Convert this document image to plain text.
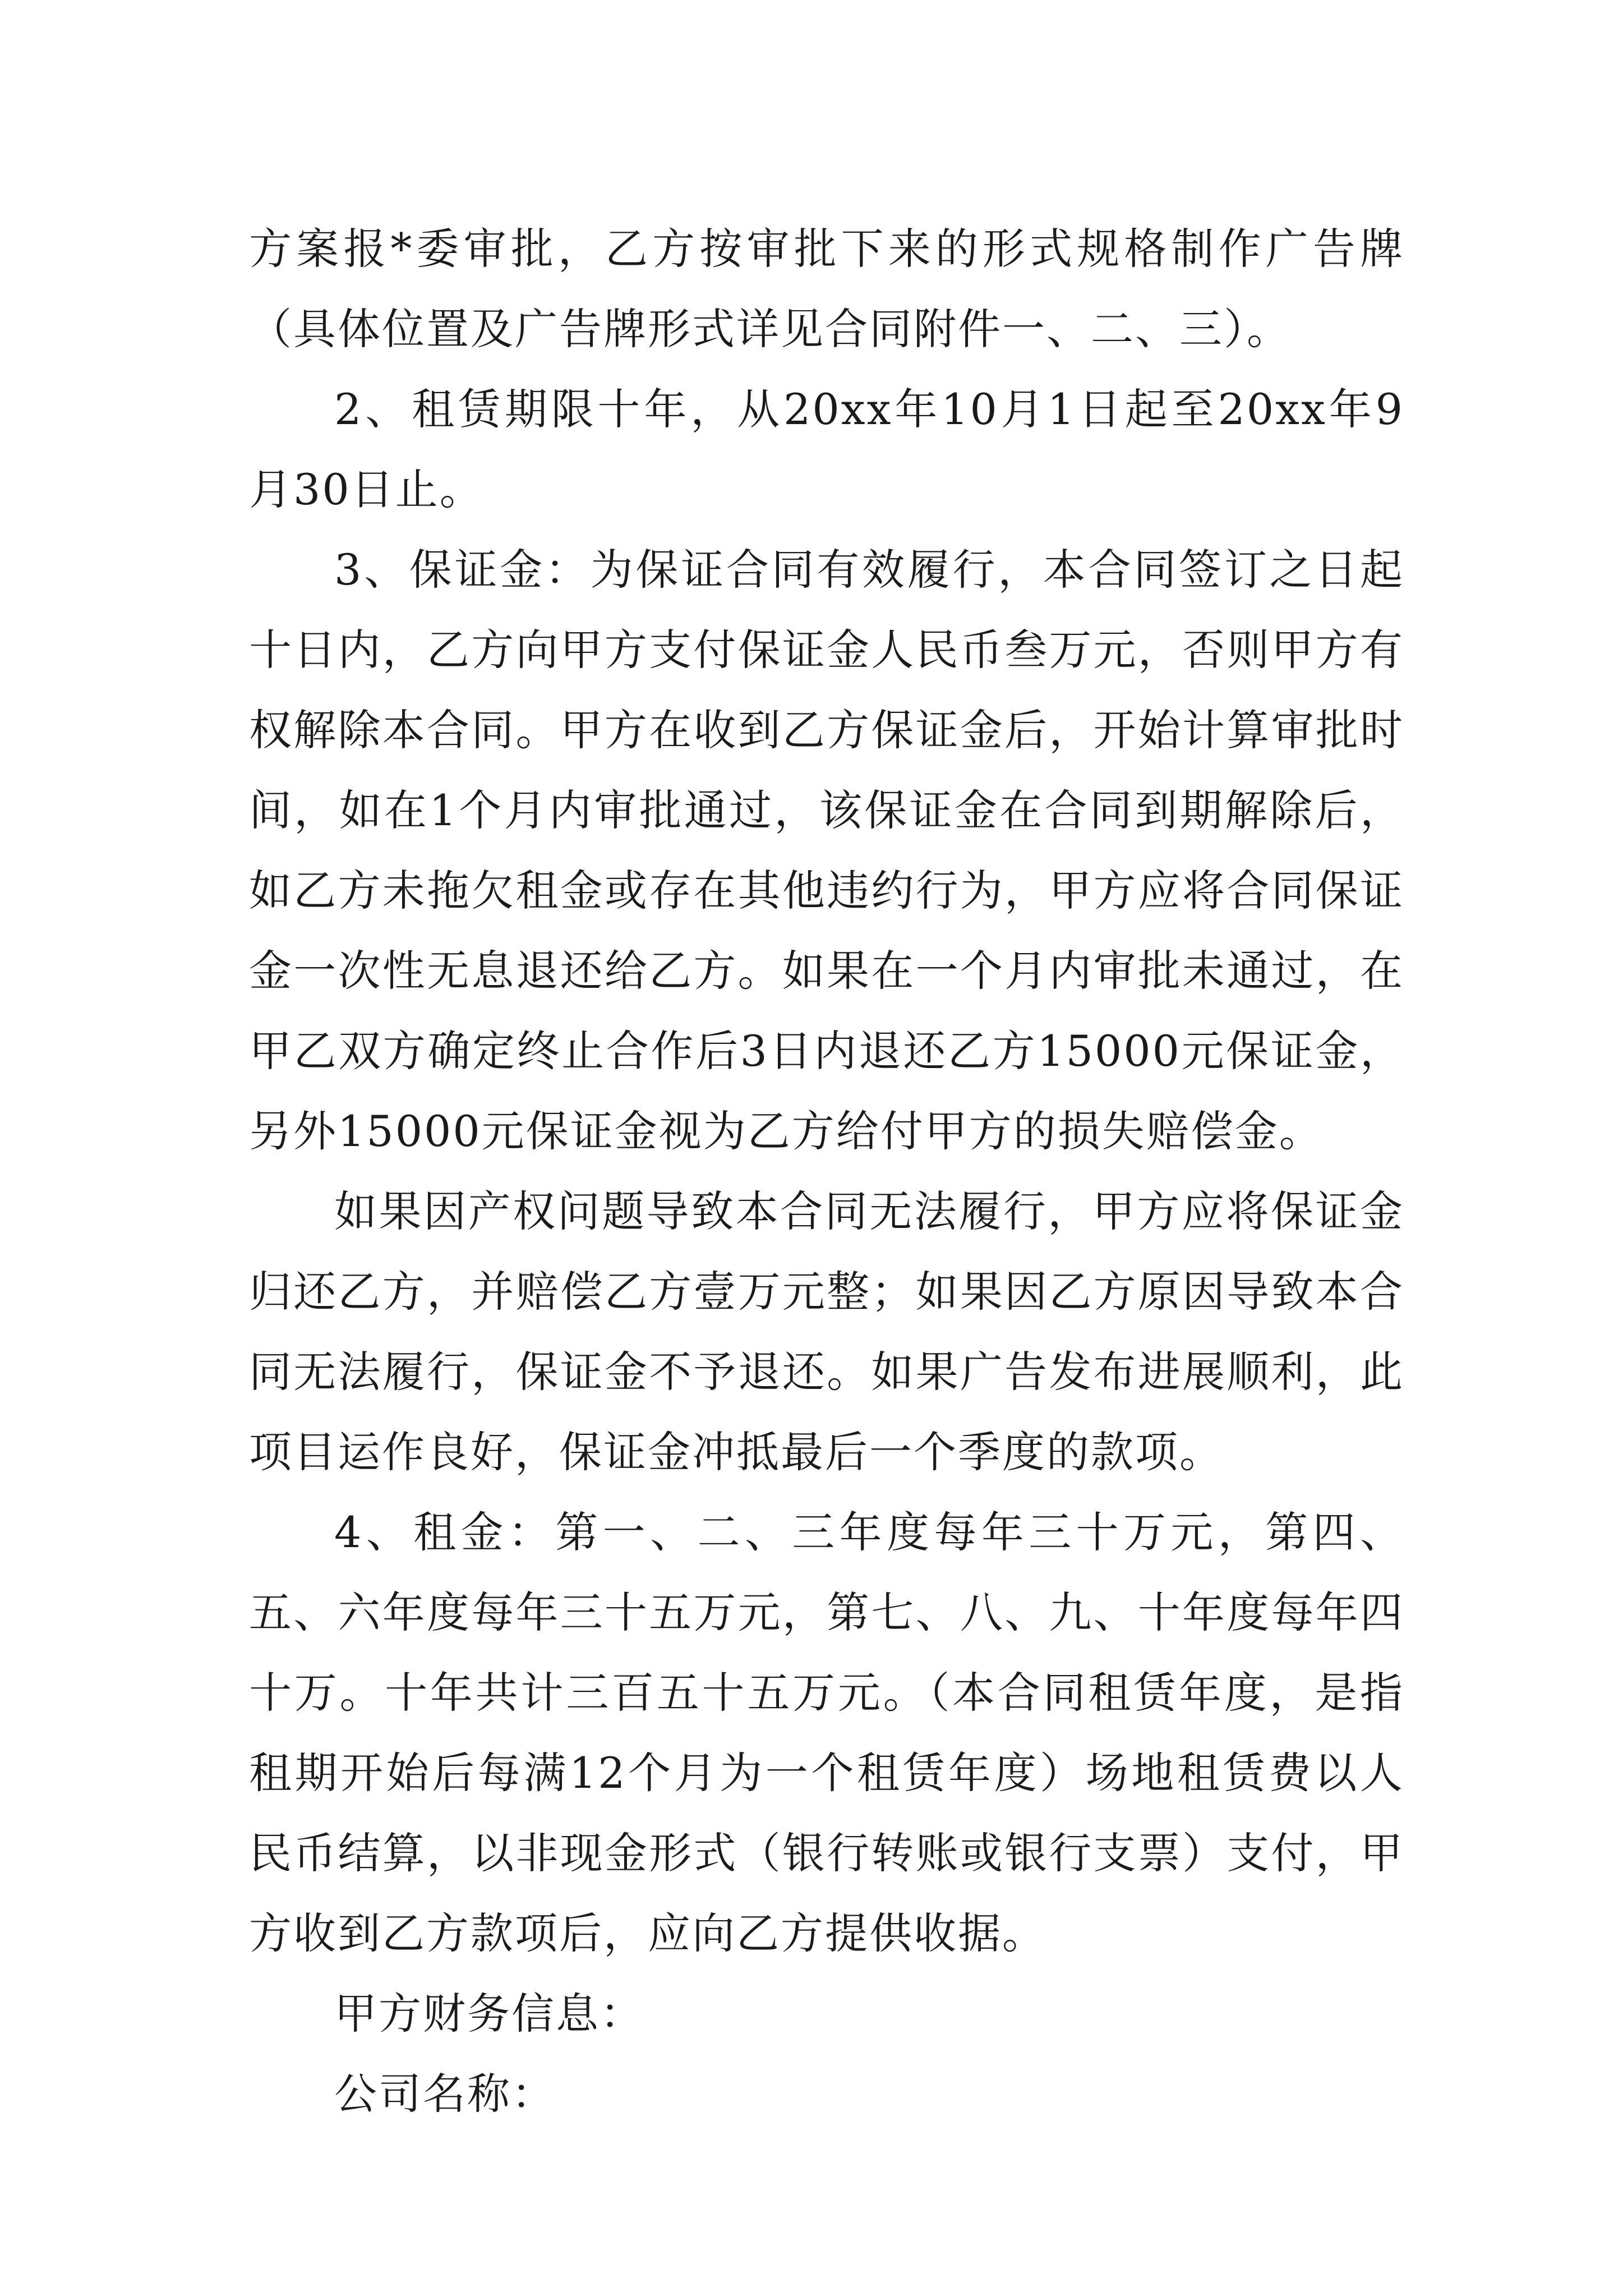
方案报*委审批，乙方按审批下来的形式规格制作广告牌（具体位置及广告牌形式详见合同附件一、二、三）。

2、租赁期限十年，从20xx年10月1日起至20xx年9月30日止。

3、保证金：为保证合同有效履行，本合同签订之日起十日内，乙方向甲方支付保证金人民币叁万元，否则甲方有权解除本合同。甲方在收到乙方保证金后，开始计算审批时间，如在1个月内审批通过，该保证金在合同到期解除后，如乙方未拖欠租金或存在其他违约行为，甲方应将合同保证金一次性无息退还给乙方。如果在一个月内审批未通过，在甲乙双方确定终止合作后3日内退还乙方15000元保证金，另外15000元保证金视为乙方给付甲方的损失赔偿金。

如果因产权问题导致本合同无法履行，甲方应将保证金归还乙方，并赔偿乙方壹万元整；如果因乙方原因导致本合同无法履行，保证金不予退还。如果广告发布进展顺利，此项目运作良好，保证金冲抵最后一个季度的款项。

4、租金：第一、二、三年度每年三十万元，第四、五、六年度每年三十五万元，第七、八、九、十年度每年四十万。十年共计三百五十五万元。（本合同租赁年度，是指租期开始后每满12个月为一个租赁年度）场地租赁费以人民币结算，以非现金形式（银行转账或银行支票）支付，甲方收到乙方款项后，应向乙方提供收据。

甲方财务信息：

公司名称：
